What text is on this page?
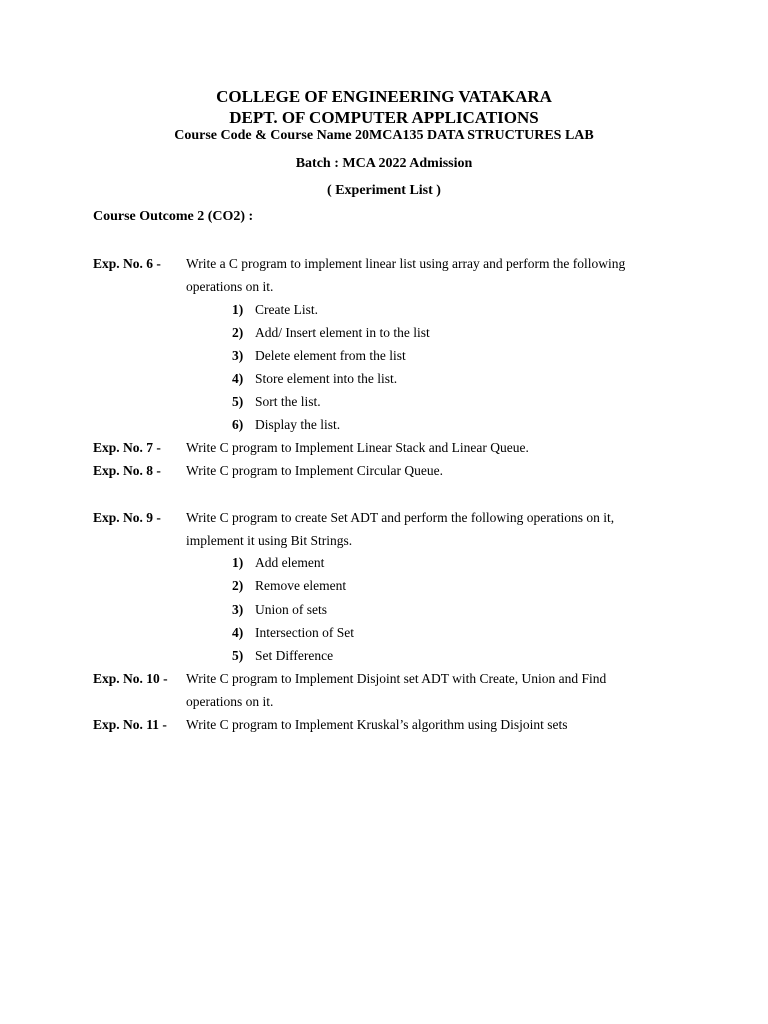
COLLEGE OF ENGINEERING VATAKARA
DEPT. OF COMPUTER APPLICATIONS
Course Code & Course Name 20MCA135 DATA STRUCTURES LAB
Batch : MCA 2022 Admission
( Experiment List )
Course Outcome 2 (CO2) :
Exp. No. 6 - Write a C program to implement linear list using array and perform the following
operations on it.
1) Create List.
2) Add/ Insert element in to the list
3) Delete element from the list
4) Store element into the list.
5) Sort the list.
6) Display the list.
Exp. No. 7 - Write C program to Implement Linear Stack and Linear Queue.
Exp. No. 8 - Write C program to Implement Circular Queue.
Exp. No. 9 - Write C program to create Set ADT and perform the following operations on it,
implement it using Bit Strings.
1) Add element
2) Remove element
3) Union of sets
4) Intersection of Set
5) Set Difference
Exp. No. 10 - Write C program to Implement Disjoint set ADT with Create, Union and Find
operations on it.
Exp. No. 11 - Write C program to Implement Kruskal’s algorithm using Disjoint sets
